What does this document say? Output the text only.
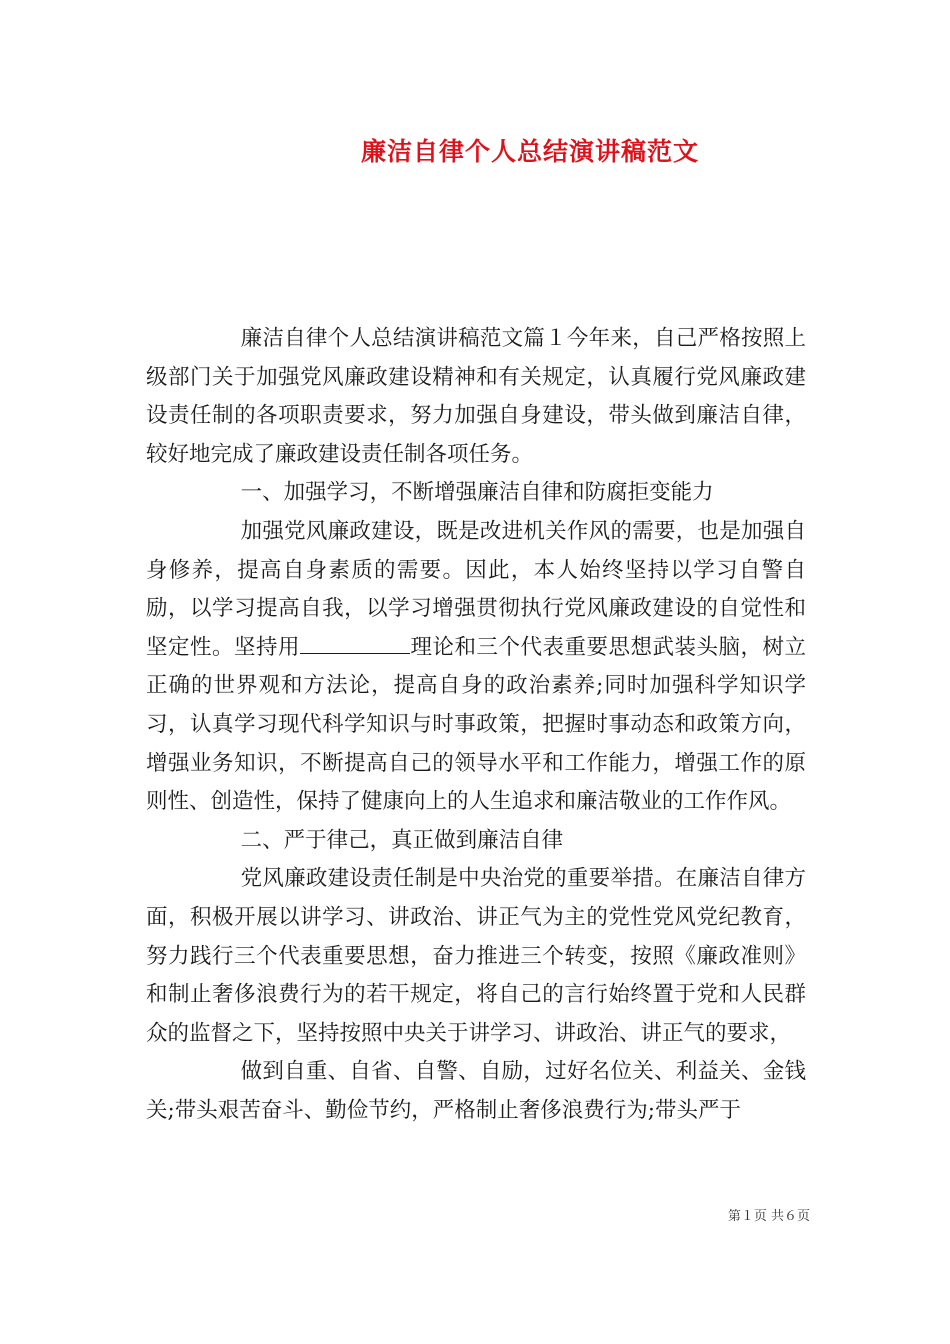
廉洁自律个人总结演讲稿范文

廉洁自律个人总结演讲稿范文篇１今年来，自己严格按照上级部门关于加强党风廉政建设精神和有关规定，认真履行党风廉政建设责任制的各项职责要求，努力加强自身建设，带头做到廉洁自律，较好地完成了廉政建设责任制各项任务。

一、加强学习，不断增强廉洁自律和防腐拒变能力

加强党风廉政建设，既是改进机关作风的需要，也是加强自身修养，提高自身素质的需要。因此，本人始终坚持以学习自警自励，以学习提高自我，以学习增强贯彻执行党风廉政建设的自觉性和坚定性。坚持用	理论和三个代表重要思想武装头脑，树立正确的世界观和方法论，提高自身的政治素养;同时加强科学知识学习，认真学习现代科学知识与时事政策，把握时事动态和政策方向，增强业务知识，不断提高自己的领导水平和工作能力，增强工作的原则性、创造性，保持了健康向上的人生追求和廉洁敬业的工作作风。

二、严于律己，真正做到廉洁自律

党风廉政建设责任制是中央治党的重要举措。在廉洁自律方面，积极开展以讲学习、讲政治、讲正气为主的党性党风党纪教育，努力践行三个代表重要思想，奋力推进三个转变，按照《廉政准则》和制止奢侈浪费行为的若干规定，将自己的言行始终置于党和人民群众的监督之下，坚持按照中央关于讲学习、讲政治、讲正气的要求，

做到自重、自省、自警、自励，过好名位关、利益关、金钱关;带头艰苦奋斗、勤俭节约，严格制止奢侈浪费行为;带头严于

第１页 共６页
